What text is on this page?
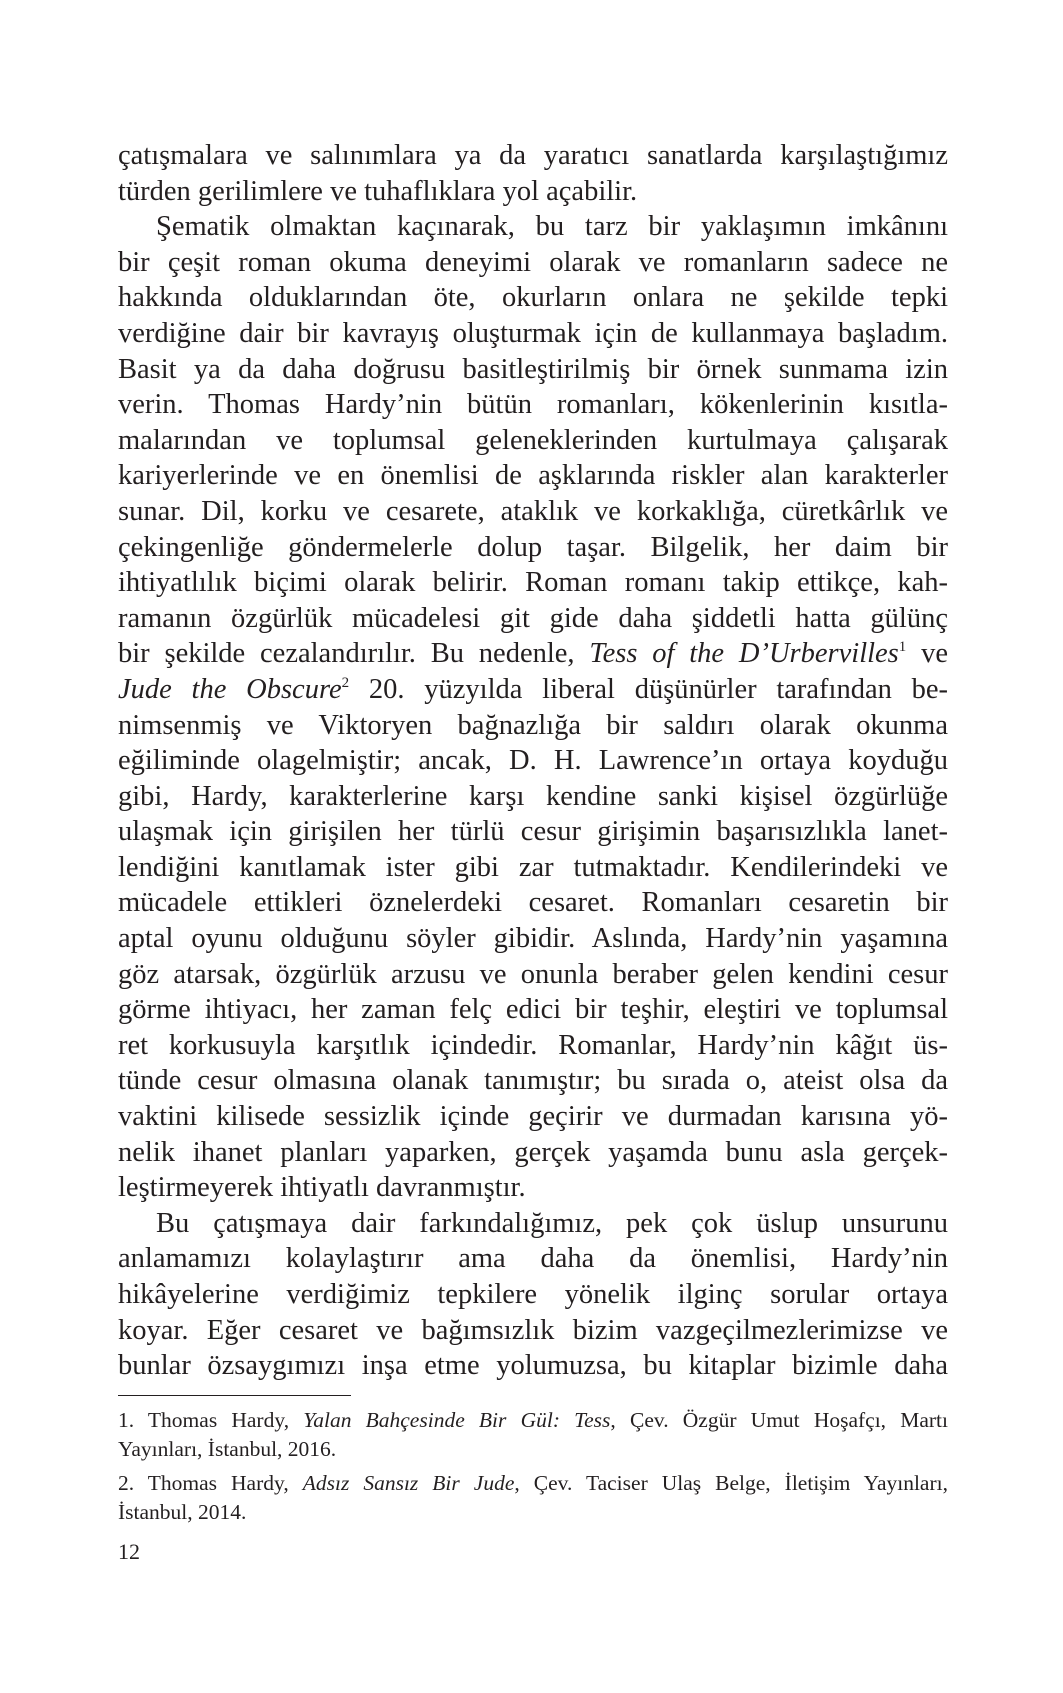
çatışmalara ve salınımlara ya da yaratıcı sanatlarda karşılaştığımız
türden gerilimlere ve tuhaflıklara yol açabilir.
Şematik olmaktan kaçınarak, bu tarz bir yaklaşımın imkânını
bir çeşit roman okuma deneyimi olarak ve romanların sadece ne
hakkında olduklarından öte, okurların onlara ne şekilde tepki
verdiğine dair bir kavrayış oluşturmak için de kullanmaya başladım.
Basit ya da daha doğrusu basitleştirilmiş bir örnek sunmama izin
verin. Thomas Hardy’nin bütün romanları, kökenlerinin kısıtla-
malarından ve toplumsal geleneklerinden kurtulmaya çalışarak
kariyerlerinde ve en önemlisi de aşklarında riskler alan karakterler
sunar. Dil, korku ve cesarete, ataklık ve korkaklığa, cüretkârlık ve
çekingenliğe göndermelerle dolup taşar. Bilgelik, her daim bir
ihtiyatlılık biçimi olarak belirir. Roman romanı takip ettikçe, kah-
ramanın özgürlük mücadelesi git gide daha şiddetli hatta gülünç
bir şekilde cezalandırılır. Bu nedenle, Tess of the D’Urbervilles$^1$ ve
Jude the Obscure$^2$ 20. yüzyılda liberal düşünürler tarafından be-
nimsenmiş ve Viktoryen bağnazlığa bir saldırı olarak okunma
eğiliminde olagelmiştir; ancak, D. H. Lawrence’ın ortaya koyduğu
gibi, Hardy, karakterlerine karşı kendine sanki kişisel özgürlüğe
ulaşmak için girişilen her türlü cesur girişimin başarısızlıkla lanet-
lendiğini kanıtlamak ister gibi zar tutmaktadır. Kendilerindeki ve
mücadele ettikleri öznelerdeki cesaret. Romanları cesaretin bir
aptal oyunu olduğunu söyler gibidir. Aslında, Hardy’nin yaşamına
göz atarsak, özgürlük arzusu ve onunla beraber gelen kendini cesur
görme ihtiyacı, her zaman felç edici bir teşhir, eleştiri ve toplumsal
ret korkusuyla karşıtlık içindedir. Romanlar, Hardy’nin kâğıt üs-
tünde cesur olmasına olanak tanımıştır; bu sırada o, ateist olsa da
vaktini kilisede sessizlik içinde geçirir ve durmadan karısına yö-
nelik ihanet planları yaparken, gerçek yaşamda bunu asla gerçek-
leştirmeyerek ihtiyatlı davranmıştır.
Bu çatışmaya dair farkındalığımız, pek çok üslup unsurunu
anlamamızı kolaylaştırır ama daha da önemlisi, Hardy’nin
hikâyelerine verdiğimiz tepkilere yönelik ilginç sorular ortaya
koyar. Eğer cesaret ve bağımsızlık bizim vazgeçilmezlerimizse ve
bunlar özsaygımızı inşa etme yolumuzsa, bu kitaplar bizimle daha
1. Thomas Hardy, Yalan Bahçesinde Bir Gül: Tess, Çev. Özgür Umut Hoşafçı, Martı
Yayınları, İstanbul, 2016.
2. Thomas Hardy, Adsız Sansız Bir Jude, Çev. Taciser Ulaş Belge, İletişim Yayınları,
İstanbul, 2014.
12
